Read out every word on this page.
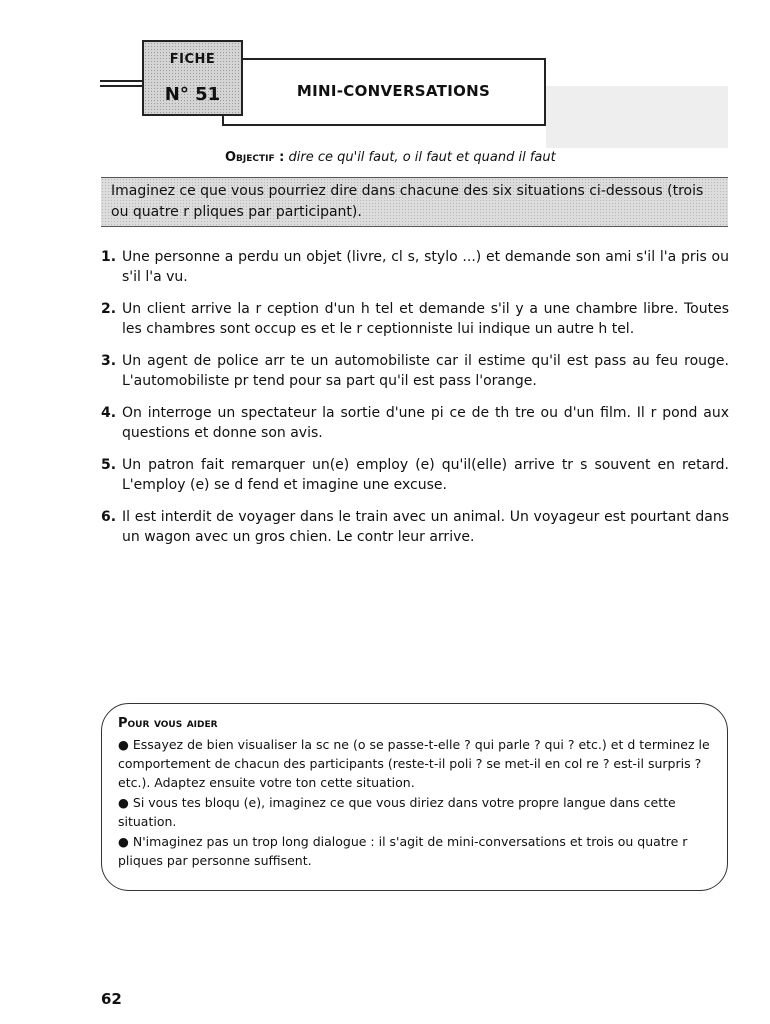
FICHE
N° 51	MINI-CONVERSATIONS
Objectif : dire ce qu'il faut, o il faut et quand il faut
Imaginez ce que vous pourriez dire dans chacune des six situations ci-dessous (trois ou quatre r pliques par participant).
1. Une personne a perdu un objet (livre, cl s, stylo ...) et demande son ami s'il l'a pris ou s'il l'a vu.
2. Un client arrive la r ception d'un h tel et demande s'il y a une chambre libre. Toutes les chambres sont occup es et le r ceptionniste lui indique un autre h tel.
3. Un agent de police arr te un automobiliste car il estime qu'il est pass au feu rouge. L'automobiliste pr tend pour sa part qu'il est pass l'orange.
4. On interroge un spectateur la sortie d'une pi ce de th tre ou d'un film. Il r pond aux questions et donne son avis.
5. Un patron fait remarquer un(e) employ (e) qu'il(elle) arrive tr s souvent en retard. L'employ (e) se d fend et imagine une excuse.
6. Il est interdit de voyager dans le train avec un animal. Un voyageur est pourtant dans un wagon avec un gros chien. Le contr leur arrive.
Pour vous aider

● Essayez de bien visualiser la sc ne (o se passe-t-elle ? qui parle ? qui ? etc.) et d terminez le comportement de chacun des participants (reste-t-il poli ? se met-il en col re ? est-il surpris ? etc.). Adaptez ensuite votre ton cette situation.

● Si vous tes bloqu (e), imaginez ce que vous diriez dans votre propre langue dans cette situation.

● N'imaginez pas un trop long dialogue : il s'agit de mini-conversations et trois ou quatre r pliques par personne suffisent.

62
